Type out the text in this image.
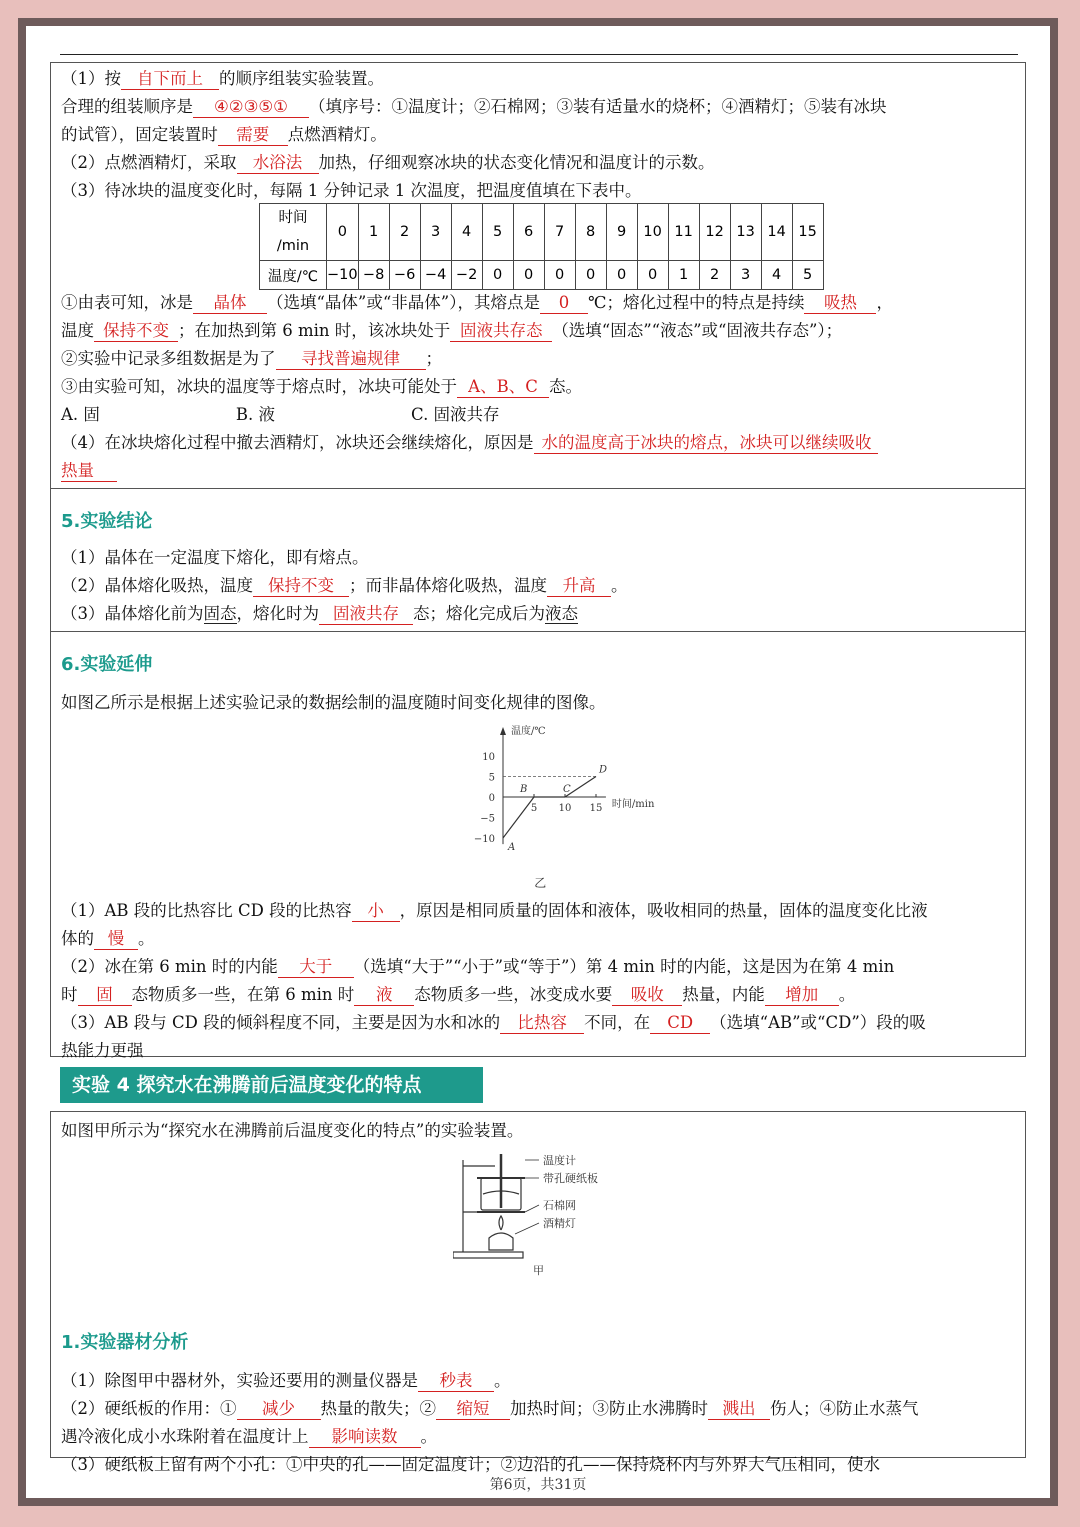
（1）按 自下而上 的顺序组装实验装置。
合理的组装顺序是 ④②③⑤① （填序号：①温度计；②石棉网；③装有适量水的烧杯；④酒精灯；⑤装有冰块
的试管），固定装置时 需要 点燃酒精灯。
（2）点燃酒精灯，采取 水浴法 加热，仔细观察冰块的状态变化情况和温度计的示数。
（3）待冰块的温度变化时，每隔 1 分钟记录 1 次温度，把温度值填在下表中。
时间
/min	0	1	2	3	4	5	6	7	8	9	10	11	12	13	14	15
温度/℃	−10	−8	−6	−4	−2	0	0	0	0	0	0	1	2	3	4	5
①由表可知，冰是 晶体 （选填“晶体”或“非晶体”），其熔点是 0 ℃；熔化过程中的特点是持续 吸热 ，
温度 保持不变 ；在加热到第 6 min 时，该冰块处于 固液共存态 （选填“固态”“液态”或“固液共存态”）；
②实验中记录多组数据是为了 寻找普遍规律 ；
③由实验可知，冰块的温度等于熔点时，冰块可能处于 A、B、C 态。
A. 固	B. 液	C. 固液共存
（4）在冰块熔化过程中撤去酒精灯，冰块还会继续熔化，原因是 水的温度高于冰块的熔点，冰块可以继续吸收
热量
5.实验结论
（1）晶体在一定温度下熔化，即有熔点。
（2）晶体熔化吸热，温度 保持不变 ；而非晶体熔化吸热，温度 升高 。
（3）晶体熔化前为固态，熔化时为 固液共存 态；熔化完成后为液态
6.实验延伸
如图乙所示是根据上述实验记录的数据绘制的温度随时间变化规律的图像。
温度/℃
时间/min
10
5
0
−5
−10
5 10 15
A
B	C
D
乙
（1）AB 段的比热容比 CD 段的比热容 小 ，原因是相同质量的固体和液体，吸收相同的热量，固体的温度变化比液
体的 慢 。
（2）冰在第 6 min 时的内能 大于 （选填“大于”“小于”或“等于”）第 4 min 时的内能，这是因为在第 4 min
时 固 态物质多一些，在第 6 min 时 液 态物质多一些，冰变成水要 吸收 热量，内能 增加 。
（3）AB 段与 CD 段的倾斜程度不同，主要是因为水和冰的 比热容 不同，在 CD （选填“AB”或“CD”）段的吸
热能力更强
实验 4 探究水在沸腾前后温度变化的特点
如图甲所示为“探究水在沸腾前后温度变化的特点”的实验装置。
温度计
带孔硬纸板
石棉网
酒精灯
甲
1.实验器材分析
（1）除图甲中器材外，实验还要用的测量仪器是 秒表 。
（2）硬纸板的作用：① 减少 热量的散失；② 缩短 加热时间；③防止水沸腾时 溅出 伤人；④防止水蒸气
遇冷液化成小水珠附着在温度计上 影响读数 。
（3）硬纸板上留有两个小孔：①中央的孔——固定温度计；②边沿的孔——保持烧杯内与外界大气压相同，使水
第6页，共31页
